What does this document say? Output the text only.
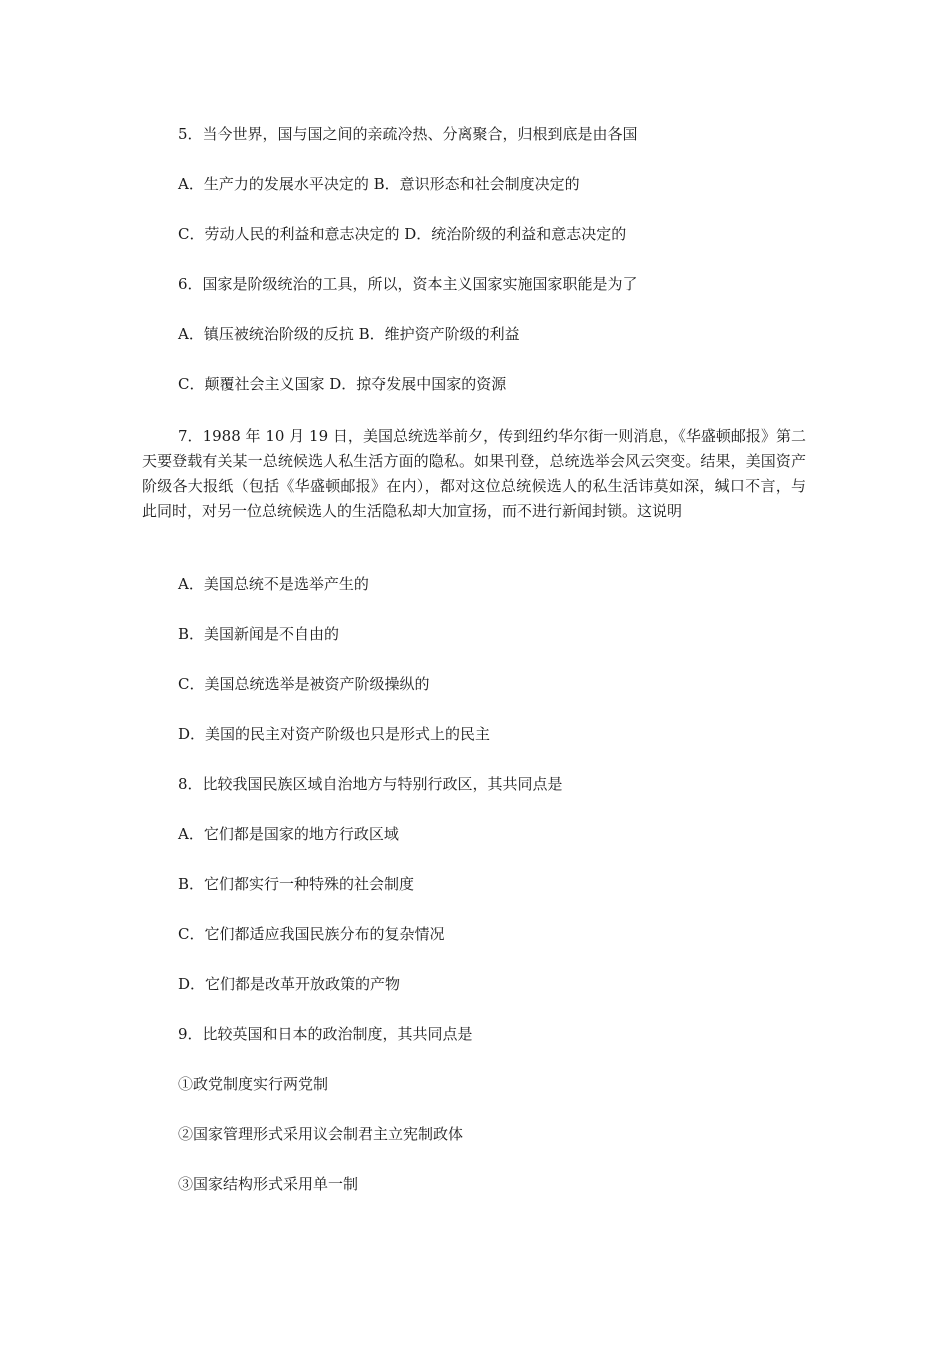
5．当今世界，国与国之间的亲疏冷热、分离聚合，归根到底是由各国
A．生产力的发展水平决定的 B．意识形态和社会制度决定的
C．劳动人民的利益和意志决定的 D．统治阶级的利益和意志决定的
6．国家是阶级统治的工具，所以，资本主义国家实施国家职能是为了
A．镇压被统治阶级的反抗 B．维护资产阶级的利益
C．颠覆社会主义国家 D．掠夺发展中国家的资源
7．1988 年 10 月 19 日，美国总统选举前夕，传到纽约华尔街一则消息，《华盛顿邮报》第二天要登载有关某一总统候选人私生活方面的隐私。如果刊登，总统选举会风云突变。结果，美国资产阶级各大报纸（包括《华盛顿邮报》在内），都对这位总统候选人的私生活讳莫如深，缄口不言，与此同时，对另一位总统候选人的生活隐私却大加宣扬，而不进行新闻封锁。这说明
A．美国总统不是选举产生的
B．美国新闻是不自由的
C．美国总统选举是被资产阶级操纵的
D．美国的民主对资产阶级也只是形式上的民主
8．比较我国民族区域自治地方与特别行政区，其共同点是
A．它们都是国家的地方行政区域
B．它们都实行一种特殊的社会制度
C．它们都适应我国民族分布的复杂情况
D．它们都是改革开放政策的产物
9．比较英国和日本的政治制度，其共同点是
①政党制度实行两党制
②国家管理形式采用议会制君主立宪制政体
③国家结构形式采用单一制
